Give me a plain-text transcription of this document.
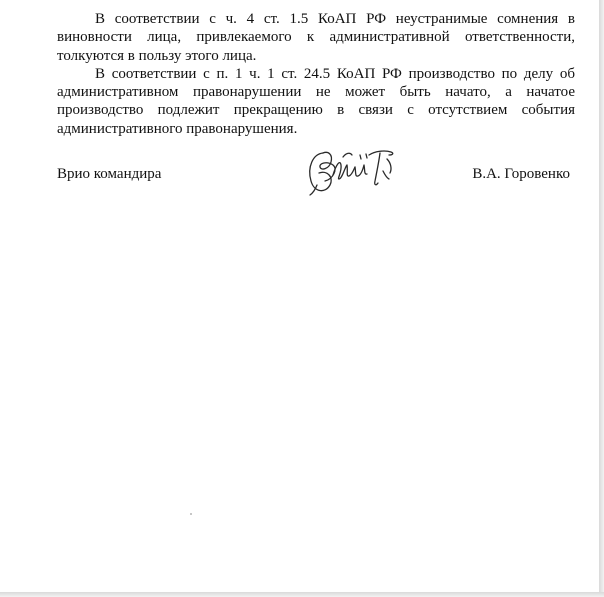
В соответствии с ч. 4 ст. 1.5 КоАП РФ неустранимые сомнения в виновности лица, привлекаемого к административной ответственности, толкуются в пользу этого лица.

В соответствии с п. 1 ч. 1 ст. 24.5 КоАП РФ производство по делу об административном правонарушении не может быть начато, а начатое производство подлежит прекращению в связи с отсутствием события административного правонарушения.

Врио командира	В.А. Горовенко
